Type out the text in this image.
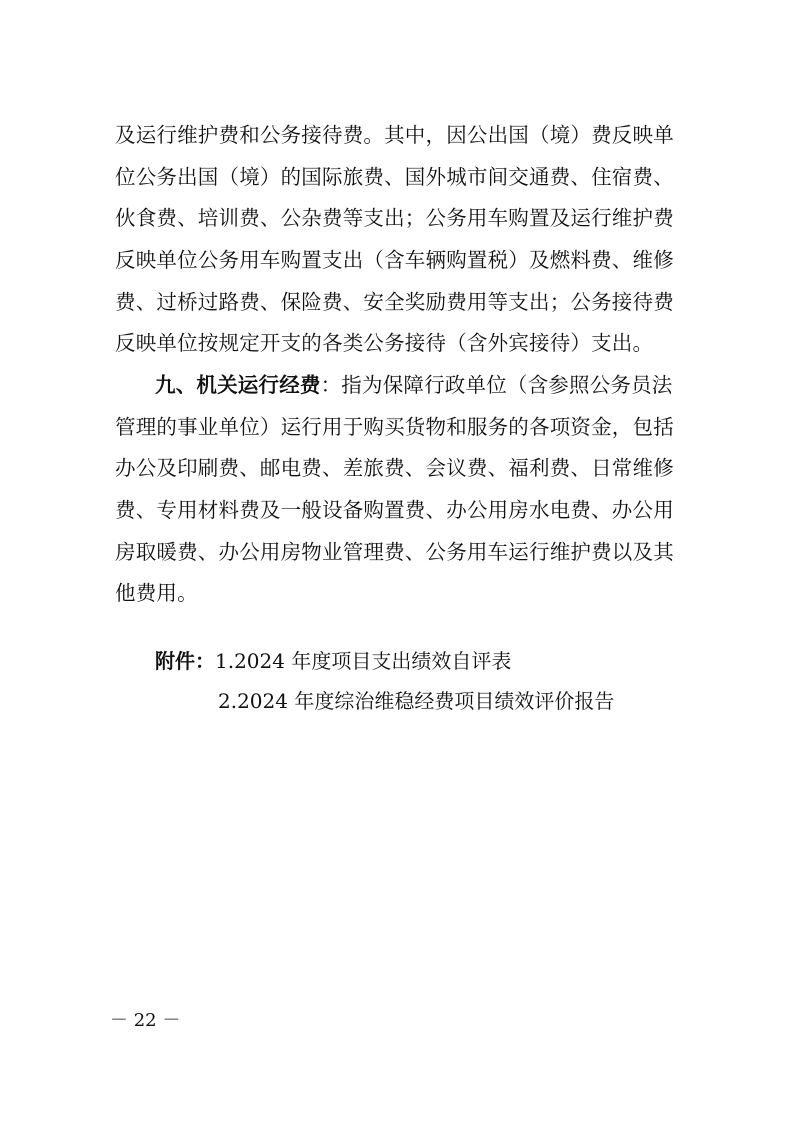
及运行维护费和公务接待费。其中，因公出国（境）费反映单
位公务出国（境）的国际旅费、国外城市间交通费、住宿费、
伙食费、培训费、公杂费等支出；公务用车购置及运行维护费
反映单位公务用车购置支出（含车辆购置税）及燃料费、维修
费、过桥过路费、保险费、安全奖励费用等支出；公务接待费
反映单位按规定开支的各类公务接待（含外宾接待）支出。
九、机关运行经费：指为保障行政单位（含参照公务员法
管理的事业单位）运行用于购买货物和服务的各项资金，包括
办公及印刷费、邮电费、差旅费、会议费、福利费、日常维修
费、专用材料费及一般设备购置费、办公用房水电费、办公用
房取暖费、办公用房物业管理费、公务用车运行维护费以及其
他费用。
附件：1.2024 年度项目支出绩效自评表
2.2024 年度综治维稳经费项目绩效评价报告
－ 22 －
